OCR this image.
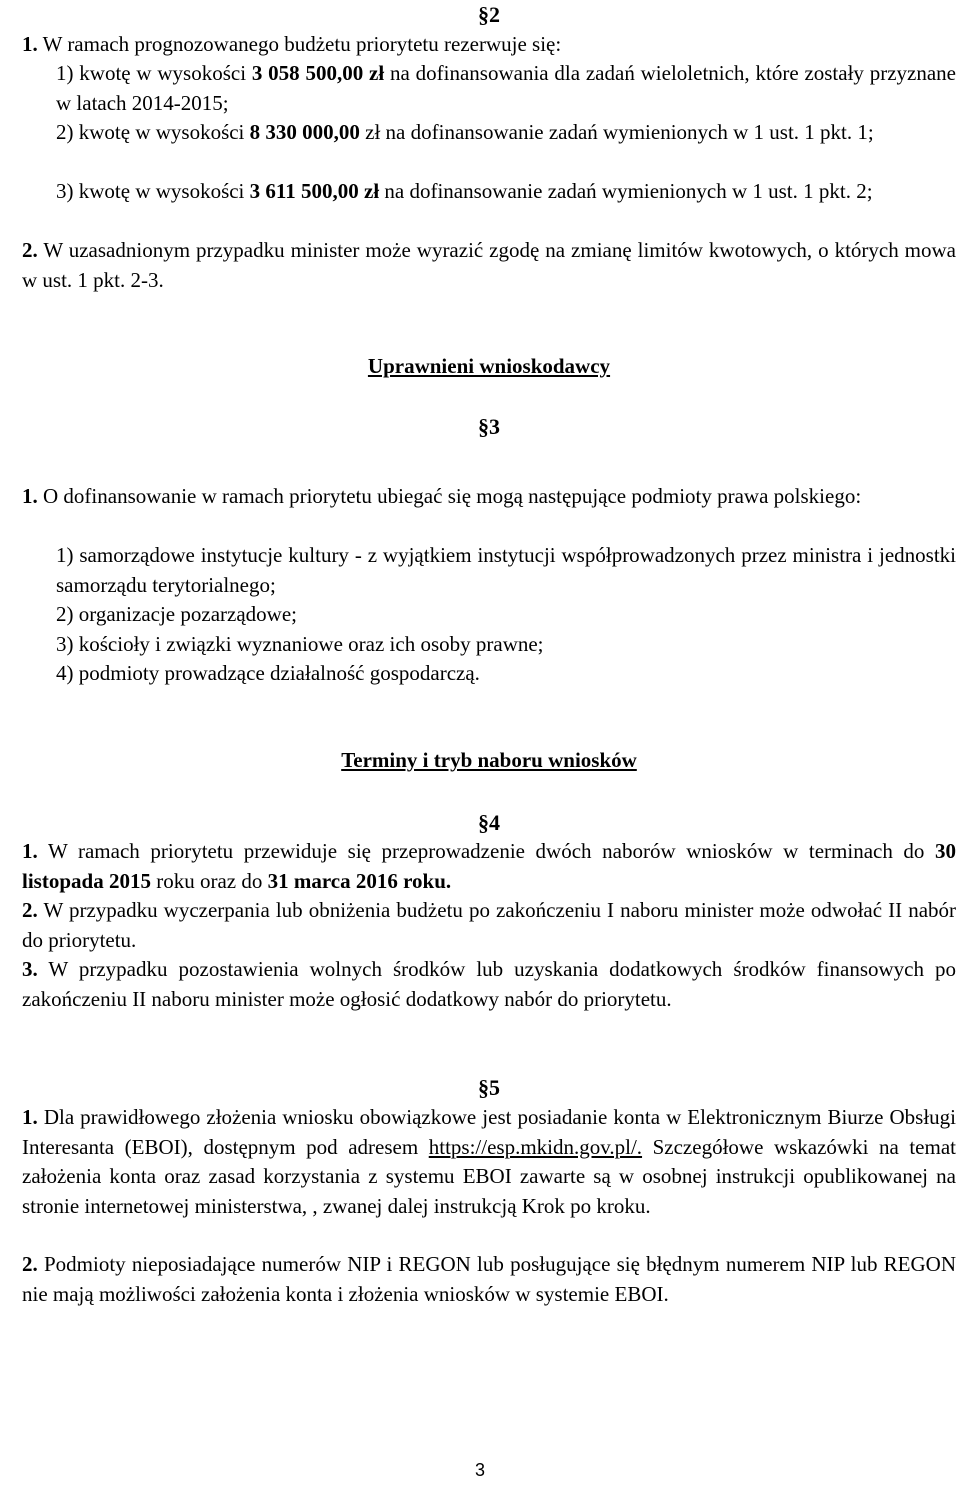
§2

1. W ramach prognozowanego budżetu priorytetu rezerwuje się:

1) kwotę w wysokości 3 058 500,00 zł na dofinansowania dla zadań wieloletnich, które zostały przyznane w latach 2014-2015;

2) kwotę w wysokości 8 330 000,00 zł na dofinansowanie zadań wymienionych w 1 ust. 1 pkt. 1;

3) kwotę w wysokości 3 611 500,00 zł na dofinansowanie zadań wymienionych w 1 ust. 1 pkt. 2;

2. W uzasadnionym przypadku minister może wyrazić zgodę na zmianę limitów kwotowych, o których mowa w ust. 1 pkt. 2-3.

Uprawnieni wnioskodawcy
§3

1. O dofinansowanie w ramach priorytetu ubiegać się mogą następujące podmioty prawa polskiego:

1) samorządowe instytucje kultury - z wyjątkiem instytucji współprowadzonych przez ministra i jednostki samorządu terytorialnego;

2) organizacje pozarządowe;

3) kościoły i związki wyznaniowe oraz ich osoby prawne;

4) podmioty prowadzące działalność gospodarczą.

Terminy i tryb naboru wniosków
§4

1. W ramach priorytetu przewiduje się przeprowadzenie dwóch naborów wniosków w terminach do 30 listopada 2015 roku oraz do 31 marca 2016 roku.

2. W przypadku wyczerpania lub obniżenia budżetu po zakończeniu I naboru minister może odwołać II nabór do priorytetu.

3. W przypadku pozostawienia wolnych środków lub uzyskania dodatkowych środków finansowych po zakończeniu II naboru minister może ogłosić dodatkowy nabór do priorytetu.

§5

1. Dla prawidłowego złożenia wniosku obowiązkowe jest posiadanie konta w Elektronicznym Biurze Obsługi Interesanta (EBOI), dostępnym pod adresem https://esp.mkidn.gov.pl/. Szczegółowe wskazówki na temat założenia konta oraz zasad korzystania z systemu EBOI zawarte są w osobnej instrukcji opublikowanej na stronie internetowej ministerstwa, , zwanej dalej instrukcją Krok po kroku.

2. Podmioty nieposiadające numerów NIP i REGON lub posługujące się błędnym numerem NIP lub REGON nie mają możliwości założenia konta i złożenia wniosków w systemie EBOI.

3
